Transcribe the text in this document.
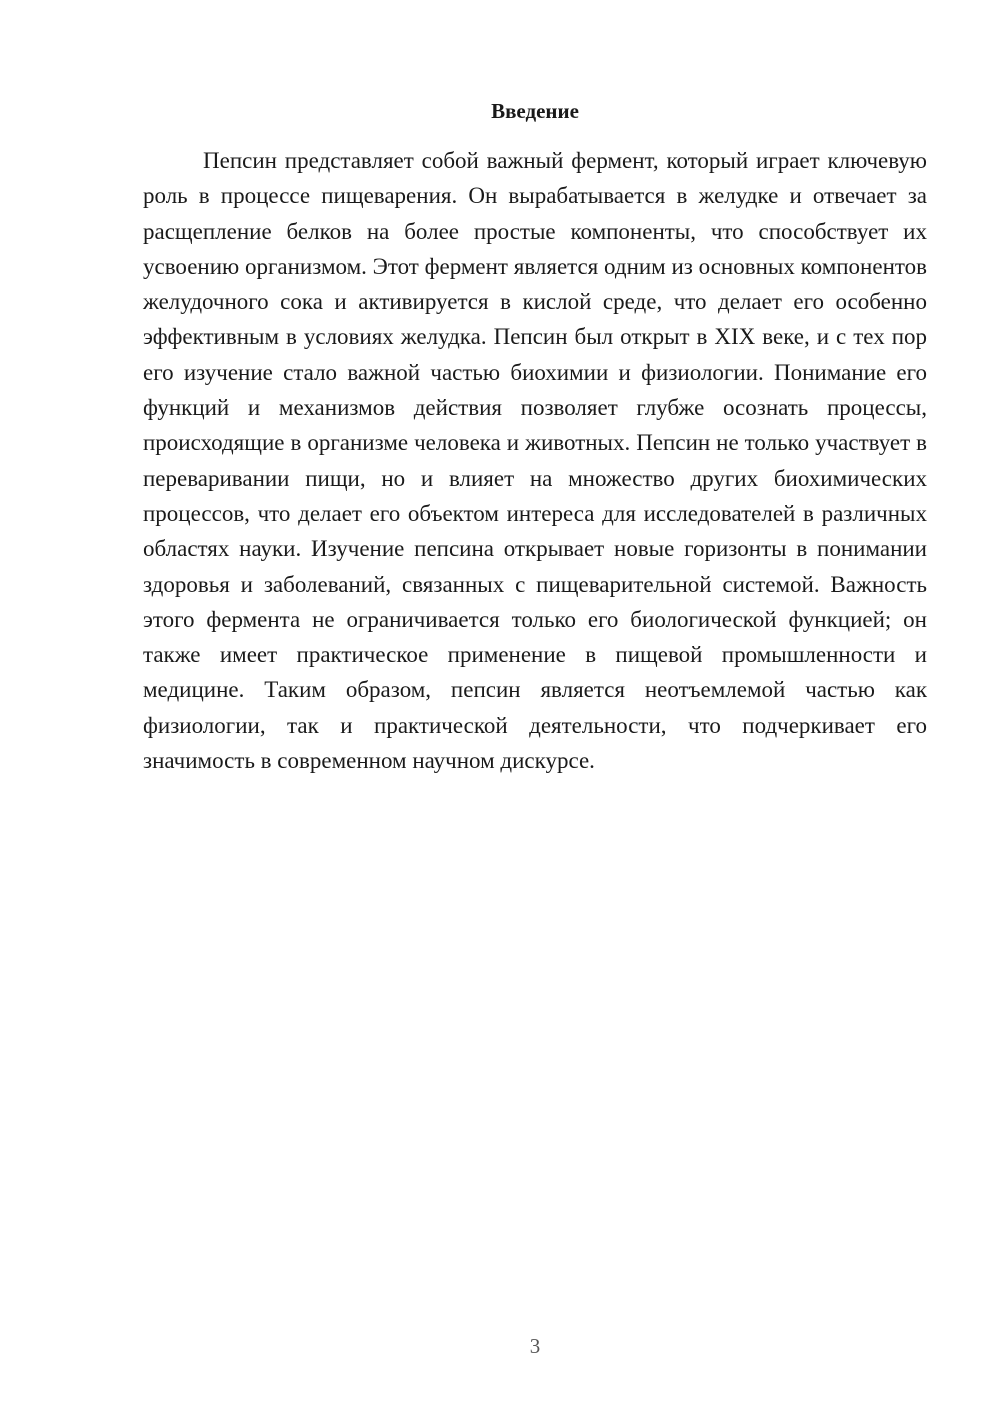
Введение

Пепсин представляет собой важный фермент, который играет ключевую роль в процессе пищеварения. Он вырабатывается в желудке и отвечает за расщепление белков на более простые компоненты, что способствует их усвоению организмом. Этот фермент является одним из основных компонентов желудочного сока и активируется в кислой среде, что делает его особенно эффективным в условиях желудка. Пепсин был открыт в XIX веке, и с тех пор его изучение стало важной частью биохимии и физиологии. Понимание его функций и механизмов действия позволяет глубже осознать процессы, происходящие в организме человека и животных. Пепсин не только участвует в переваривании пищи, но и влияет на множество других биохимических процессов, что делает его объектом интереса для исследователей в различных областях науки. Изучение пепсина открывает новые горизонты в понимании здоровья и заболеваний, связанных с пищеварительной системой. Важность этого фермента не ограничивается только его биологической функцией; он также имеет практическое применение в пищевой промышленности и медицине. Таким образом, пепсин является неотъемлемой частью как физиологии, так и практической деятельности, что подчеркивает его значимость в современном научном дискурсе.

3
